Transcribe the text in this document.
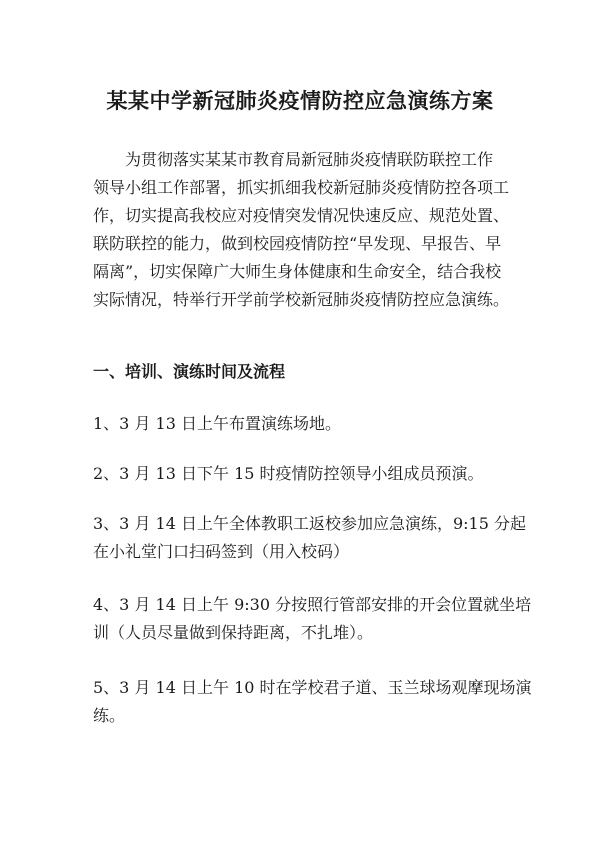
某某中学新冠肺炎疫情防控应急演练方案
为贯彻落实某某市教育局新冠肺炎疫情联防联控工作
领导小组工作部署，抓实抓细我校新冠肺炎疫情防控各项工
作，切实提高我校应对疫情突发情况快速反应、规范处置、
联防联控的能力，做到校园疫情防控“早发现、早报告、早
隔离”，切实保障广大师生身体健康和生命安全，结合我校
实际情况，特举行开学前学校新冠肺炎疫情防控应急演练。
一、培训、演练时间及流程
1、3 月 13 日上午布置演练场地。
2、3 月 13 日下午 15 时疫情防控领导小组成员预演。
3、3 月 14 日上午全体教职工返校参加应急演练，9:15 分起
在小礼堂门口扫码签到（用入校码）
4、3 月 14 日上午 9:30 分按照行管部安排的开会位置就坐培
训（人员尽量做到保持距离，不扎堆）。
5、3 月 14 日上午 10 时在学校君子道、玉兰球场观摩现场演
练。
